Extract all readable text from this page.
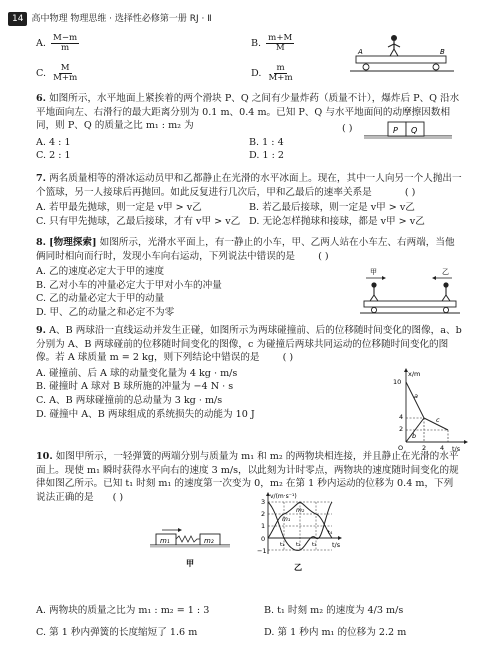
14 高中物理 物理思维 · 选择性必修第一册 RJ · Ⅱ
A. $\frac{M-m}{m}$	B. $\frac{m+M}{M}$
C. $\frac{M}{M+m}$	D. $\frac{m}{M+m}$
A	B
6. 如图所示，水平地面上紧挨着的两个滑块 P、Q 之间有少量炸药（质量不计），爆炸后 P、Q 沿水平地面向左、右滑行的最大距离分别为 0.1 m、0.4 m。已知 P、Q 与水平地面间的动摩擦因数相同，则 P、Q 的质量之比 m₁ : m₂ 为	( )
A. 4 : 1	B. 1 : 4
C. 2 : 1	D. 1 : 2
P Q
7. 两名质量相等的滑冰运动员甲和乙都静止在光滑的水平冰面上。现在，其中一人向另一个人抛出一个篮球，另一人接球后再抛回。如此反复进行几次后，甲和乙最后的速率关系是	( )
A. 若甲最先抛球，则一定是 v甲 > v乙	B. 若乙最后接球，则一定是 v甲 > v乙
C. 只有甲先抛球，乙最后接球，才有 v甲 > v乙 D. 无论怎样抛球和接球，都是 v甲 > v乙
8. [物理探索] 如图所示，光滑水平面上，有一静止的小车，甲、乙两人站在小车左、右两端，当他俩同时相向而行时，发现小车向右运动，下列说法中错误的是 ( )
A. 乙的速度必定大于甲的速度
B. 乙对小车的冲量必定大于甲对小车的冲量
C. 乙的动量必定大于甲的动量
D. 甲、乙的动量之和必定不为零
甲	乙
9. A、B 两球沿一直线运动并发生正碰，如图所示为两球碰撞前、后的位移随时间变化的图像，a、b 分别为 A、B 两球碰前的位移随时间变化的图像，c 为碰撞后两球共同运动的位移随时间变化的图像。若 A 球质量 m = 2 kg，则下列结论中错误的是 ( )
A. 碰撞前、后 A 球的动量变化量为 4 kg · m/s
B. 碰撞时 A 球对 B 球所施的冲量为 −4 N · s
C. A、B 两球碰撞前的总动量为 3 kg · m/s
D. 碰撞中 A、B 两球组成的系统损失的动能为 10 J
x/m
t/s
O
10
4
2
2 4
a
b
c
10. 如图甲所示，一轻弹簧的两端分别与质量为 m₁ 和 m₂ 的两物块相连接，并且静止在光滑的水平面上。现使 m₁ 瞬时获得水平向右的速度 3 m/s，以此刻为计时零点，两物块的速度随时间变化的规律如图乙所示。已知 t₁ 时刻 m₁ 的速度第一次变为 0，m₂ 在第 1 秒内运动的位移为 0.4 m，下列说法正确的是 ( )
m₁	m₂
甲
v/(m·s⁻¹)
t/s
3
2
1
0
−1
m₁
m₂
t₁ t₂ t₃
t₄
乙
A. 两物块的质量之比为 m₁ : m₂ = 1 : 3	B. t₁ 时刻 m₂ 的速度为 4/3 m/s
C. 第 1 秒内弹簧的长度缩短了 1.6 m	D. 第 1 秒内 m₁ 的位移为 2.2 m
